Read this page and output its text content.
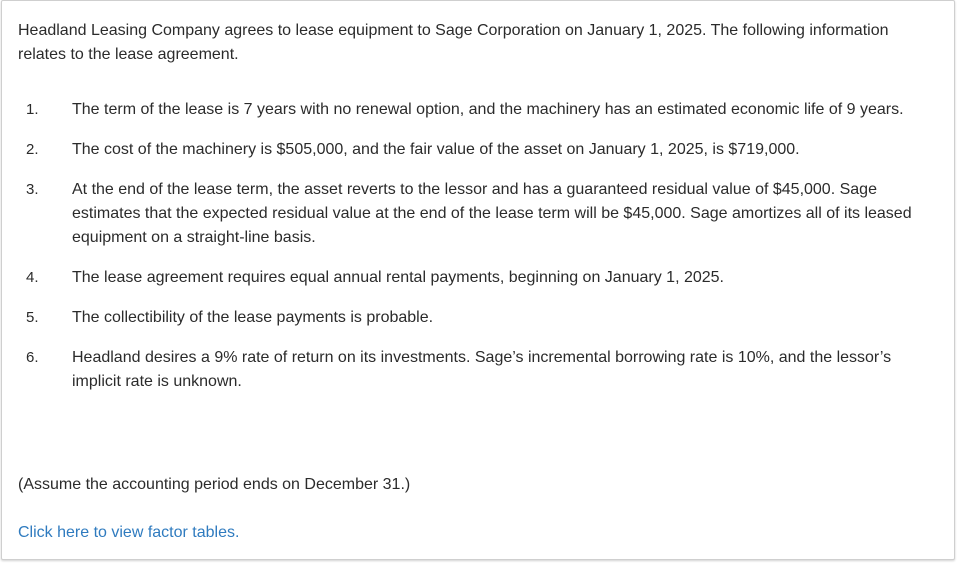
Headland Leasing Company agrees to lease equipment to Sage Corporation on January 1, 2025. The following information relates to the lease agreement.

1. The term of the lease is 7 years with no renewal option, and the machinery has an estimated economic life of 9 years.
2. The cost of the machinery is $505,000, and the fair value of the asset on January 1, 2025, is $719,000.
3. At the end of the lease term, the asset reverts to the lessor and has a guaranteed residual value of $45,000. Sage estimates that the expected residual value at the end of the lease term will be $45,000. Sage amortizes all of its leased equipment on a straight-line basis.
4. The lease agreement requires equal annual rental payments, beginning on January 1, 2025.
5. The collectibility of the lease payments is probable.
6. Headland desires a 9% rate of return on its investments. Sage’s incremental borrowing rate is 10%, and the lessor’s implicit rate is unknown.

(Assume the accounting period ends on December 31.)

Click here to view factor tables.
